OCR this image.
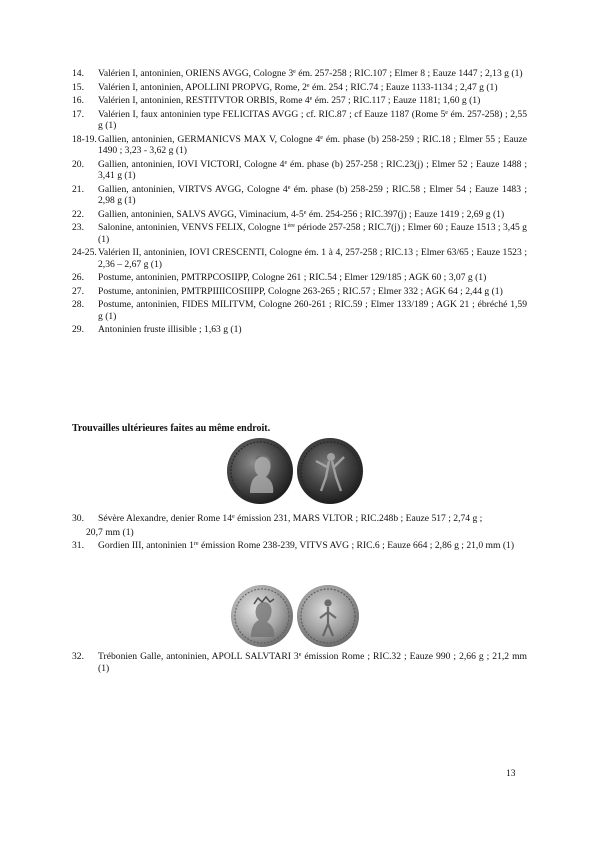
14. Valérien I, antoninien, ORIENS AVGG, Cologne 3e ém. 257-258 ; RIC.107 ; Elmer 8 ; Eauze 1447 ; 2,13 g (1)
15. Valérien I, antoninien, APOLLINI PROPVG, Rome, 2e ém. 254 ; RIC.74 ; Eauze 1133-1134 ; 2,47 g (1)
16. Valérien I, antoninien, RESTITVTOR ORBIS, Rome 4e ém. 257 ; RIC.117 ; Eauze 1181; 1,60 g (1)
17. Valérien I, faux antoninien type FELICITAS AVGG ; cf. RIC.87 ; cf Eauze 1187 (Rome 5e ém. 257-258) ; 2,55 g (1)
18-19.Gallien, antoninien, GERMANICVS MAX V, Cologne 4e ém. phase (b) 258-259 ; RIC.18 ; Elmer 55 ; Eauze 1490 ; 3,23 - 3,62 g (1)
20. Gallien, antoninien, IOVI VICTORI, Cologne 4e ém. phase (b) 257-258 ; RIC.23(j) ; Elmer 52 ; Eauze 1488 ; 3,41 g (1)
21. Gallien, antoninien, VIRTVS AVGG, Cologne 4e ém. phase (b) 258-259 ; RIC.58 ; Elmer 54 ; Eauze 1483 ; 2,98 g (1)
22. Gallien, antoninien, SALVS AVGG, Viminacium, 4-5e ém. 254-256 ; RIC.397(j) ; Eauze 1419 ; 2,69 g (1)
23. Salonine, antoninien, VENVS FELIX, Cologne 1ère période 257-258 ; RIC.7(j) ; Elmer 60 ; Eauze 1513 ; 3,45 g (1)
24-25.Valérien II, antoninien, IOVI CRESCENTI, Cologne ém. 1 à 4, 257-258 ; RIC.13 ; Elmer 63/65 ; Eauze 1523 ; 2,36 – 2,67 g (1)
26. Postume, antoninien, PMTRPCOSIIPP, Cologne 261 ; RIC.54 ; Elmer 129/185 ; AGK 60 ; 3,07 g (1)
27. Postume, antoninien, PMTRPIIIICOSIIIPP, Cologne 263-265 ; RIC.57 ; Elmer 332 ; AGK 64 ; 2,44 g (1)
28. Postume, antoninien, FIDES MILITVM, Cologne 260-261 ; RIC.59 ; Elmer 133/189 ; AGK 21 ; ébréché 1,59 g (1)
29. Antoninien fruste illisible ; 1,63 g (1)

Trouvailles ultérieures faites au même endroit.

30. Sévère Alexandre, denier Rome 14e émission 231, MARS VLTOR ; RIC.248b ; Eauze 517 ; 2,74 g ;
20,7 mm (1)
31. Gordien III, antoninien 1re émission Rome 238-239, VITVS AVG ; RIC.6 ; Eauze 664 ; 2,86 g ; 21,0 mm (1)
32. Trébonien Galle, antoninien, APOLL SALVTARI 3e émission Rome ; RIC.32 ; Eauze 990 ; 2,66 g ; 21,2 mm (1)
13
